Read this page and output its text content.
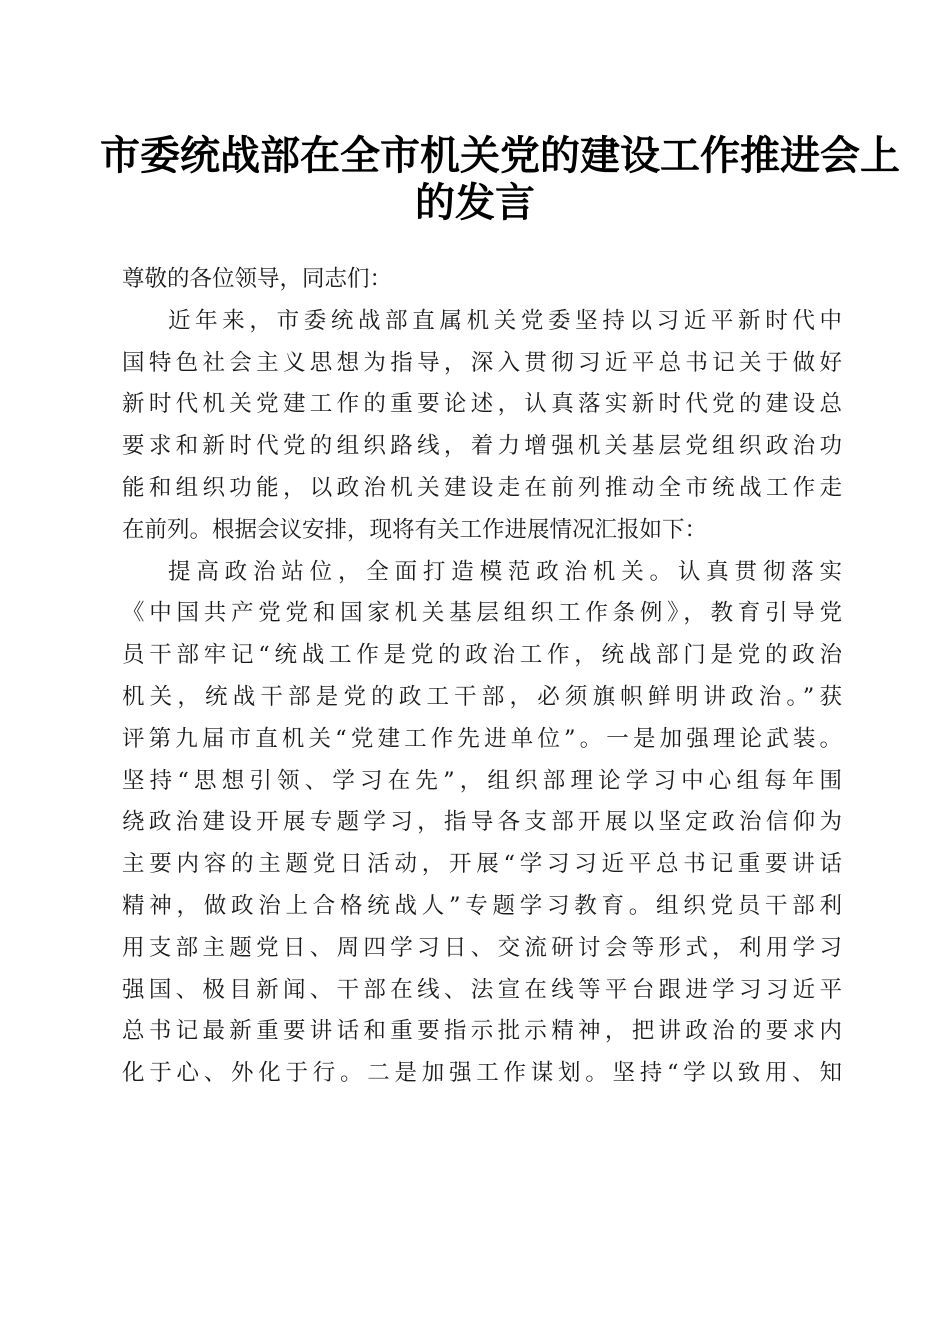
市委统战部在全市机关党的建设工作推进会上
的发言
尊敬的各位领导，同志们：
近年来，市委统战部直属机关党委坚持以习近平新时代中
国特色社会主义思想为指导，深入贯彻习近平总书记关于做好
新时代机关党建工作的重要论述，认真落实新时代党的建设总
要求和新时代党的组织路线，着力增强机关基层党组织政治功
能和组织功能，以政治机关建设走在前列推动全市统战工作走
在前列。根据会议安排，现将有关工作进展情况汇报如下：
提高政治站位，全面打造模范政治机关。认真贯彻落实
《中国共产党党和国家机关基层组织工作条例》，教育引导党
员干部牢记“统战工作是党的政治工作，统战部门是党的政治
机关，统战干部是党的政工干部，必须旗帜鲜明讲政治。”获
评第九届市直机关“党建工作先进单位”。一是加强理论武装。
坚持“思想引领、学习在先”，组织部理论学习中心组每年围
绕政治建设开展专题学习，指导各支部开展以坚定政治信仰为
主要内容的主题党日活动，开展“学习习近平总书记重要讲话
精神，做政治上合格统战人”专题学习教育。组织党员干部利
用支部主题党日、周四学习日、交流研讨会等形式，利用学习
强国、极目新闻、干部在线、法宣在线等平台跟进学习习近平
总书记最新重要讲话和重要指示批示精神，把讲政治的要求内
化于心、外化于行。二是加强工作谋划。坚持“学以致用、知
